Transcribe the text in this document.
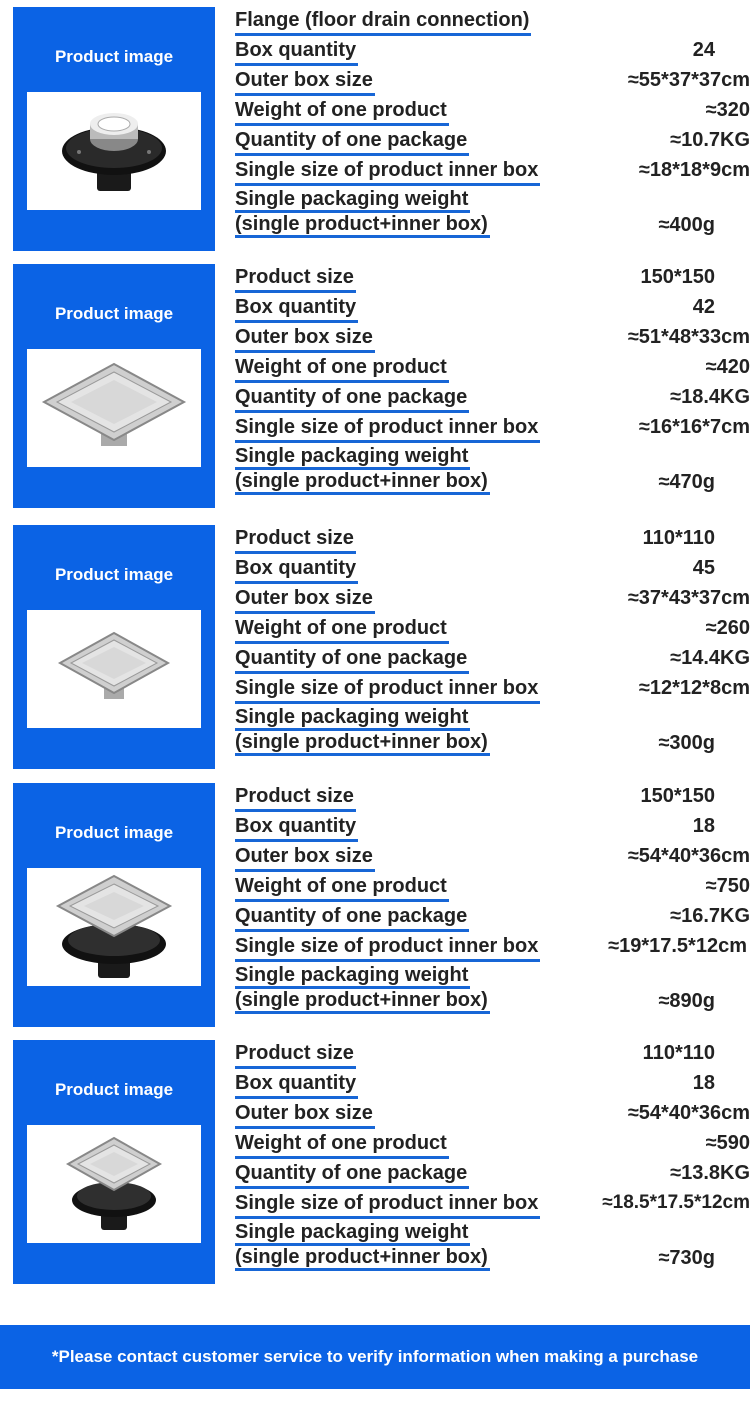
Product image
Flange (floor drain connection)
Box quantity	24
Outer box size	≈55*37*37cm
Weight of one product	≈320
Quantity of one package	≈10.7KG
Single size of product inner box	≈18*18*9cm
Single packaging weight
(single product+inner box)	≈400g
Product image
Product size	150*150
Box quantity	42
Outer box size	≈51*48*33cm
Weight of one product	≈420
Quantity of one package	≈18.4KG
Single size of product inner box	≈16*16*7cm
Single packaging weight
(single product+inner box)	≈470g
Product image
Product size	110*110
Box quantity	45
Outer box size	≈37*43*37cm
Weight of one product	≈260
Quantity of one package	≈14.4KG
Single size of product inner box	≈12*12*8cm
Single packaging weight
(single product+inner box)	≈300g
Product image
Product size	150*150
Box quantity	18
Outer box size	≈54*40*36cm
Weight of one product	≈750
Quantity of one package	≈16.7KG
Single size of product inner box	≈19*17.5*12cm
Single packaging weight
(single product+inner box)	≈890g
Product image
Product size	110*110
Box quantity	18
Outer box size	≈54*40*36cm
Weight of one product	≈590
Quantity of one package	≈13.8KG
Single size of product inner box	≈18.5*17.5*12cm
Single packaging weight
(single product+inner box)	≈730g
*Please contact customer service to verify information when making a purchase
